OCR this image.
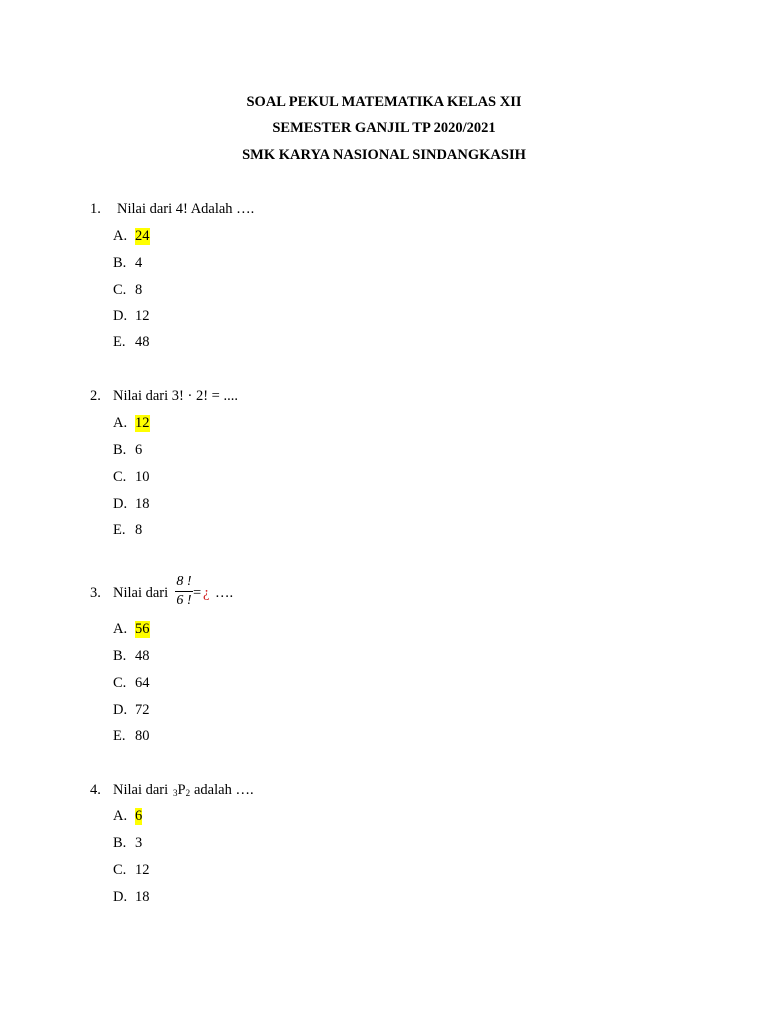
SOAL PEKUL MATEMATIKA KELAS XII
SEMESTER GANJIL TP 2020/2021
SMK KARYA NASIONAL SINDANGKASIH
1. Nilai dari 4! Adalah ….
A. 24
B. 4
C. 8
D. 12
E. 48
2. Nilai dari 3! · 2! = ....
A. 12
B. 6
C. 10
D. 18
E. 8
3. Nilai dari
8 !
6 ! = ¿ ….
A. 56
B. 48
C. 64
D. 72
E. 80
4. Nilai dari $_3P_2$ adalah ….
A. 6
B. 3
C. 12
D. 18
